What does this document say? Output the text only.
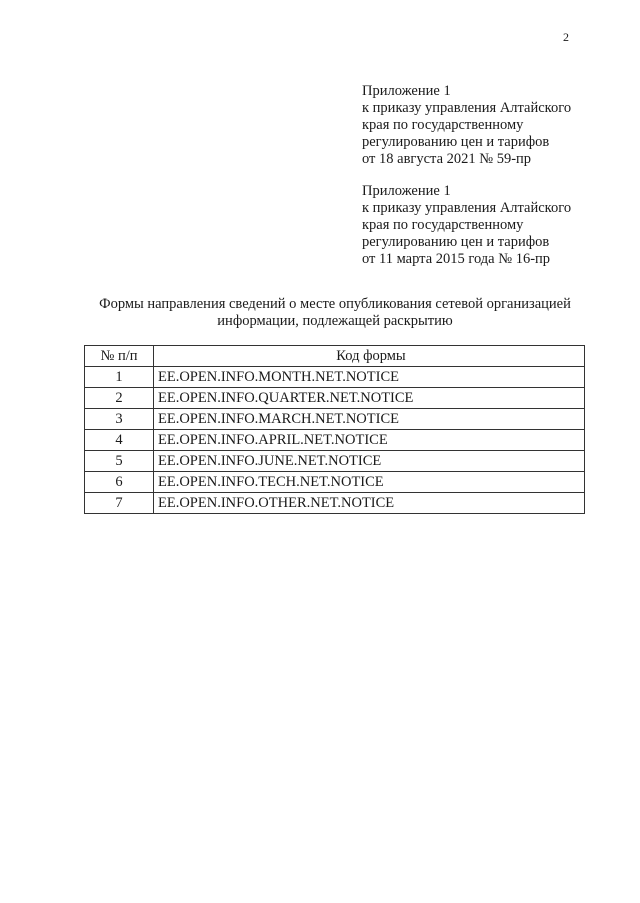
2
Приложение 1
к приказу управления Алтайского
края по государственному
регулированию цен и тарифов
от 18 августа 2021 № 59-пр
Приложение 1
к приказу управления Алтайского
края по государственному
регулированию цен и тарифов
от 11 марта 2015 года № 16-пр
Формы направления сведений о месте опубликования сетевой организацией
информации, подлежащей раскрытию
№ п/п	Код формы
1	EE.OPEN.INFO.MONTH.NET.NOTICE
2	EE.OPEN.INFO.QUARTER.NET.NOTICE
3	EE.OPEN.INFO.MARCH.NET.NOTICE
4	EE.OPEN.INFO.APRIL.NET.NOTICE
5	EE.OPEN.INFO.JUNE.NET.NOTICE
6	EE.OPEN.INFO.TECH.NET.NOTICE
7	EE.OPEN.INFO.OTHER.NET.NOTICE
